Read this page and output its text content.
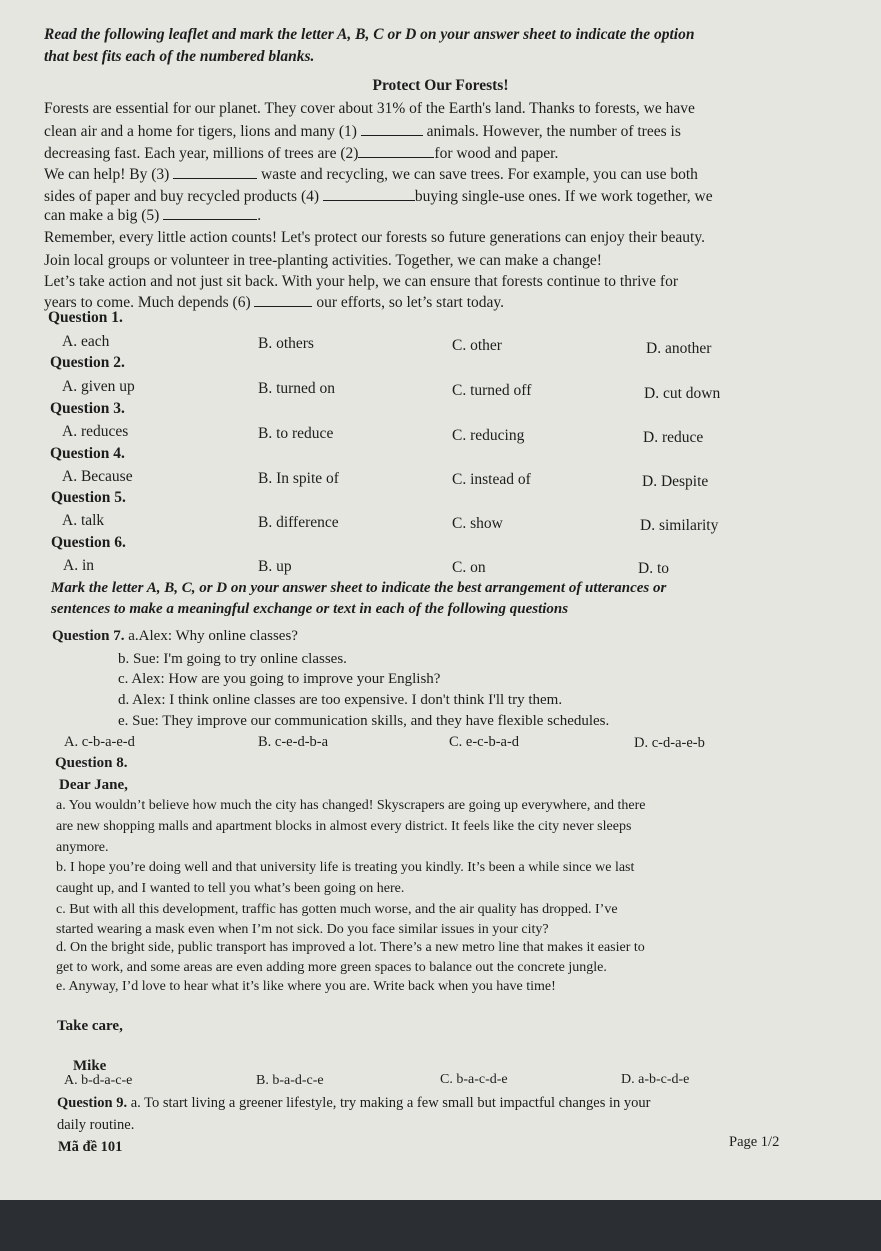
Read the following leaflet and mark the letter A, B, C or D on your answer sheet to indicate the option
that best fits each of the numbered blanks.
Protect Our Forests!
Forests are essential for our planet. They cover about 31% of the Earth's land. Thanks to forests, we have
clean air and a home for tigers, lions and many (1)	animals. However, the number of trees is
decreasing fast. Each year, millions of trees are (2)	for wood and paper.
We can help! By (3)	waste and recycling, we can save trees. For example, you can use both
sides of paper and buy recycled products (4)	buying single-use ones. If we work together, we
can make a big (5)	.
Remember, every little action counts! Let's protect our forests so future generations can enjoy their beauty.
Join local groups or volunteer in tree-planting activities. Together, we can make a change!
Let’s take action and not just sit back. With your help, we can ensure that forests continue to thrive for
years to come. Much depends (6)	our efforts, so let’s start today.
Question 1.
A. each	B. others	C. other	D. another
Question 2.
A. given up	B. turned on	C. turned off	D. cut down
Question 3.
A. reduces	B. to reduce	C. reducing	D. reduce
Question 4.
A. Because	B. In spite of	C. instead of	D. Despite
Question 5.
A. talk	B. difference	C. show	D. similarity
Question 6.
A. in	B. up	C. on	D. to
Mark the letter A, B, C, or D on your answer sheet to indicate the best arrangement of utterances or
sentences to make a meaningful exchange or text in each of the following questions
Question 7. a.Alex: Why online classes?
b. Sue: I'm going to try online classes.
c. Alex: How are you going to improve your English?
d. Alex: I think online classes are too expensive. I don't think I'll try them.
e. Sue: They improve our communication skills, and they have flexible schedules.
A. c-b-a-e-d	B. c-e-d-b-a	C. e-c-b-a-d	D. c-d-a-e-b
Question 8.
Dear Jane,
a. You wouldn’t believe how much the city has changed! Skyscrapers are going up everywhere, and there
are new shopping malls and apartment blocks in almost every district. It feels like the city never sleeps
anymore.
b. I hope you’re doing well and that university life is treating you kindly. It’s been a while since we last
caught up, and I wanted to tell you what’s been going on here.
c. But with all this development, traffic has gotten much worse, and the air quality has dropped. I’ve
started wearing a mask even when I’m not sick. Do you face similar issues in your city?
d. On the bright side, public transport has improved a lot. There’s a new metro line that makes it easier to
get to work, and some areas are even adding more green spaces to balance out the concrete jungle.
e. Anyway, I’d love to hear what it’s like where you are. Write back when you have time!
Take care,
Mike
A. b-d-a-c-e	B. b-a-d-c-e	C. b-a-c-d-e	D. a-b-c-d-e
Question 9. a. To start living a greener lifestyle, try making a few small but impactful changes in your
daily routine.
Mã đề 101	Page 1/2
